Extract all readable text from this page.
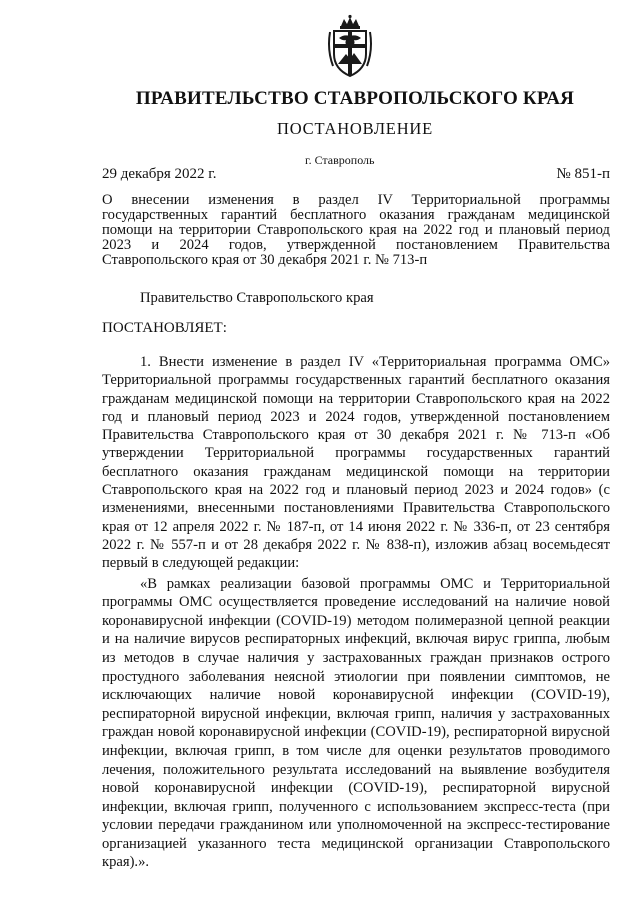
ПРАВИТЕЛЬСТВО СТАВРОПОЛЬСКОГО КРАЯ
ПОСТАНОВЛЕНИЕ
г. Ставрополь
29 декабря 2022 г.	№ 851-п
О внесении изменения в раздел IV Территориальной программы государственных гарантий бесплатного оказания гражданам медицинской помощи на территории Ставропольского края на 2022 год и плановый период 2023 и 2024 годов, утвержденной постановлением Правительства Ставропольского края от 30 декабря 2021 г. № 713-п
Правительство Ставропольского края
ПОСТАНОВЛЯЕТ:

1. Внести изменение в раздел IV «Территориальная программа ОМС» Территориальной программы государственных гарантий бесплатного оказания гражданам медицинской помощи на территории Ставропольского края на 2022 год и плановый период 2023 и 2024 годов, утвержденной постановлением Правительства Ставропольского края от 30 декабря 2021 г. № 713-п «Об утверждении Территориальной программы государственных гарантий бесплатного оказания гражданам медицинской помощи на территории Ставропольского края на 2022 год и плановый период 2023 и 2024 годов» (с изменениями, внесенными постановлениями Правительства Ставропольского края от 12 апреля 2022 г. № 187-п, от 14 июня 2022 г. № 336-п, от 23 сентября 2022 г. № 557-п и от 28 декабря 2022 г. № 838-п), изложив абзац восемьдесят первый в следующей редакции:

«В рамках реализации базовой программы ОМС и Территориальной программы ОМС осуществляется проведение исследований на наличие новой коронавирусной инфекции (COVID-19) методом полимеразной цепной реакции и на наличие вирусов респираторных инфекций, включая вирус гриппа, любым из методов в случае наличия у застрахованных граждан признаков острого простудного заболевания неясной этиологии при появлении симптомов, не исключающих наличие новой коронавирусной инфекции (COVID-19), респираторной вирусной инфекции, включая грипп, наличия у застрахованных граждан новой коронавирусной инфекции (COVID-19), респираторной вирусной инфекции, включая грипп, в том числе для оценки результатов проводимого лечения, положительного результата исследований на выявление возбудителя новой коронавирусной инфекции (COVID-19), респираторной вирусной инфекции, включая грипп, полученного с использованием экспресс-теста (при условии передачи гражданином или уполномоченной на экспресс-тестирование организацией указанного теста медицинской организации Ставропольского края).».
